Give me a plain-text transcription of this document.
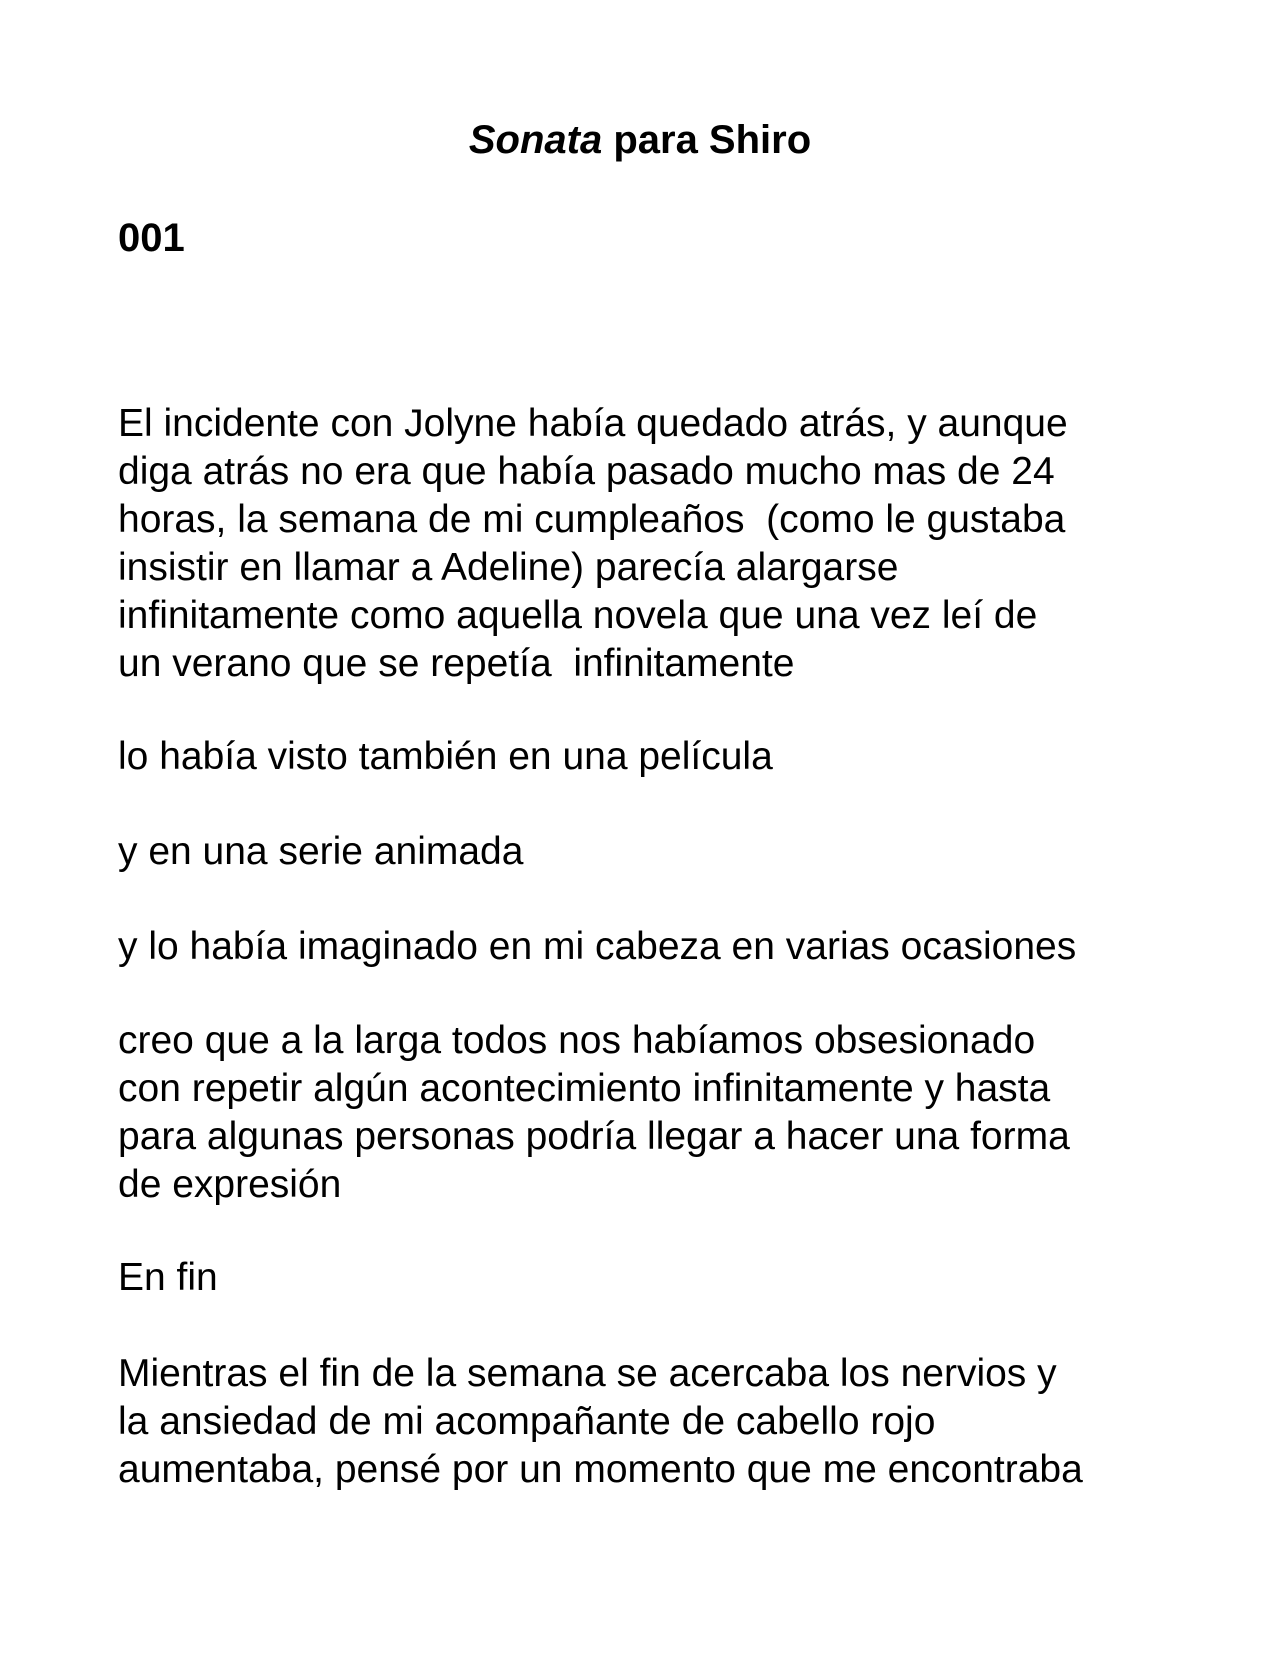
Sonata para Shiro
001
El incidente con Jolyne había quedado atrás, y aunque
diga atrás no era que había pasado mucho mas de 24
horas, la semana de mi cumpleaños  (como le gustaba
insistir en llamar a Adeline) parecía alargarse
infinitamente como aquella novela que una vez leí de
un verano que se repetía  infinitamente
lo había visto también en una película
y en una serie animada
y lo había imaginado en mi cabeza en varias ocasiones
creo que a la larga todos nos habíamos obsesionado
con repetir algún acontecimiento infinitamente y hasta
para algunas personas podría llegar a hacer una forma
de expresión
En fin
Mientras el fin de la semana se acercaba los nervios y
la ansiedad de mi acompañante de cabello rojo
aumentaba, pensé por un momento que me encontraba
